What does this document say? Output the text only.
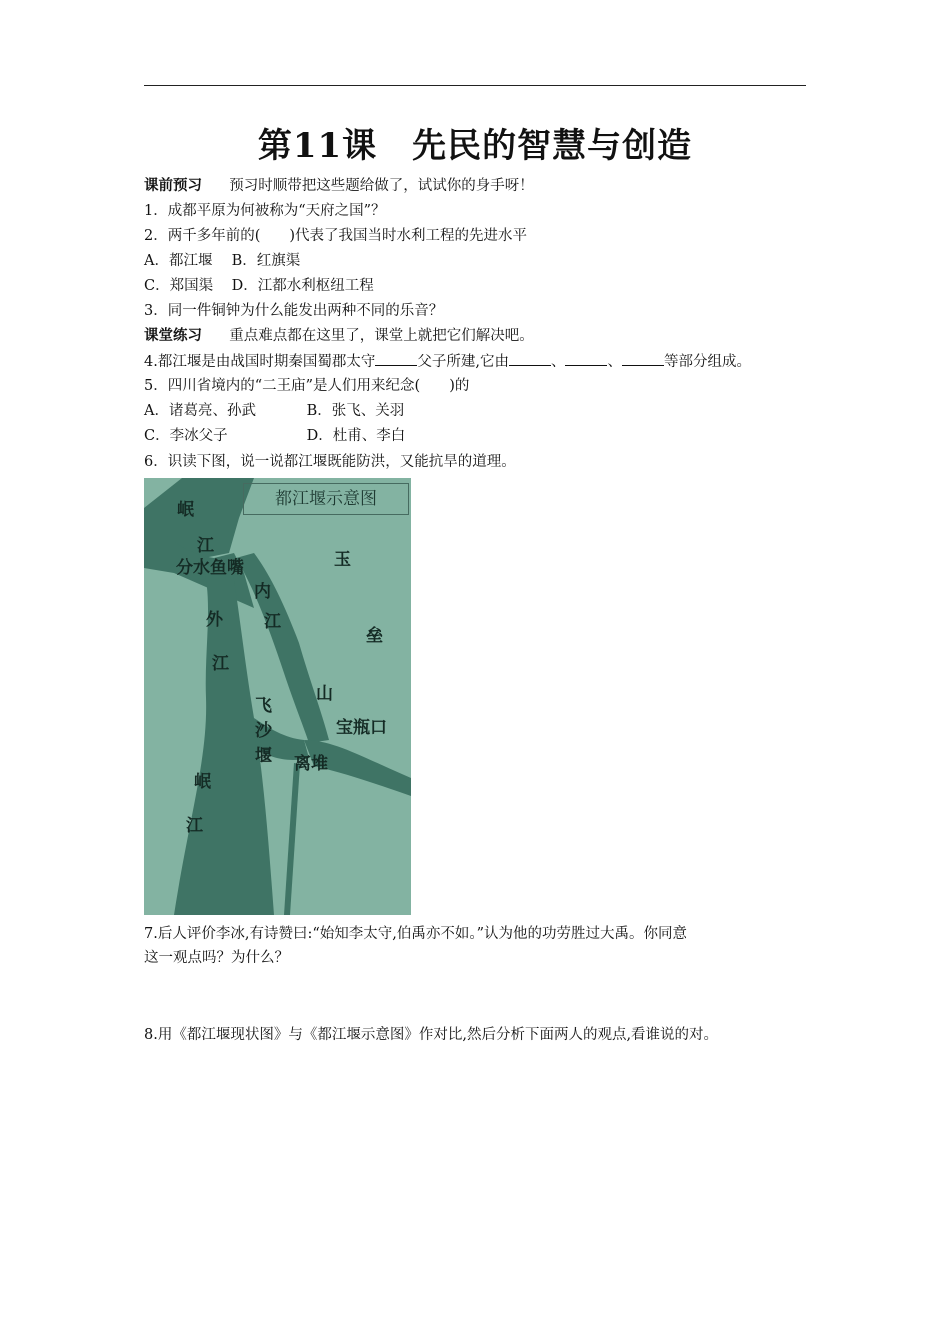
第11课　先民的智慧与创造
课前预习 预习时顺带把这些题给做了，试试你的身手呀！
1．成都平原为何被称为“天府之国”？
2．两千多年前的(　　)代表了我国当时水利工程的先进水平
A．都江堰 B．红旗渠
C．郑国渠 D．江都水利枢纽工程
3．同一件铜钟为什么能发出两种不同的乐音？
课堂练习 重点难点都在这里了，课堂上就把它们解决吧。
4.都江堰是由战国时期秦国蜀郡太守	父子所建,它由	、	、	等部分组成。
5．四川省境内的“二王庙”是人们用来纪念(　　)的
A．诸葛亮、孙武	B．张飞、关羽
C．李冰父子	D．杜甫、李白
6．识读下图，说一说都江堰既能防洪，又能抗旱的道理。
都江堰示意图
岷
江
分水鱼嘴
内
江
外
江
玉
垒
山
飞
沙
堰
宝瓶口
离堆
岷
江
7.后人评价李冰,有诗赞曰:“始知李太守,伯禹亦不如。”认为他的功劳胜过大禹。你同意
这一观点吗？为什么？
8.用《都江堰现状图》与《都江堰示意图》作对比,然后分析下面两人的观点,看谁说的对。
